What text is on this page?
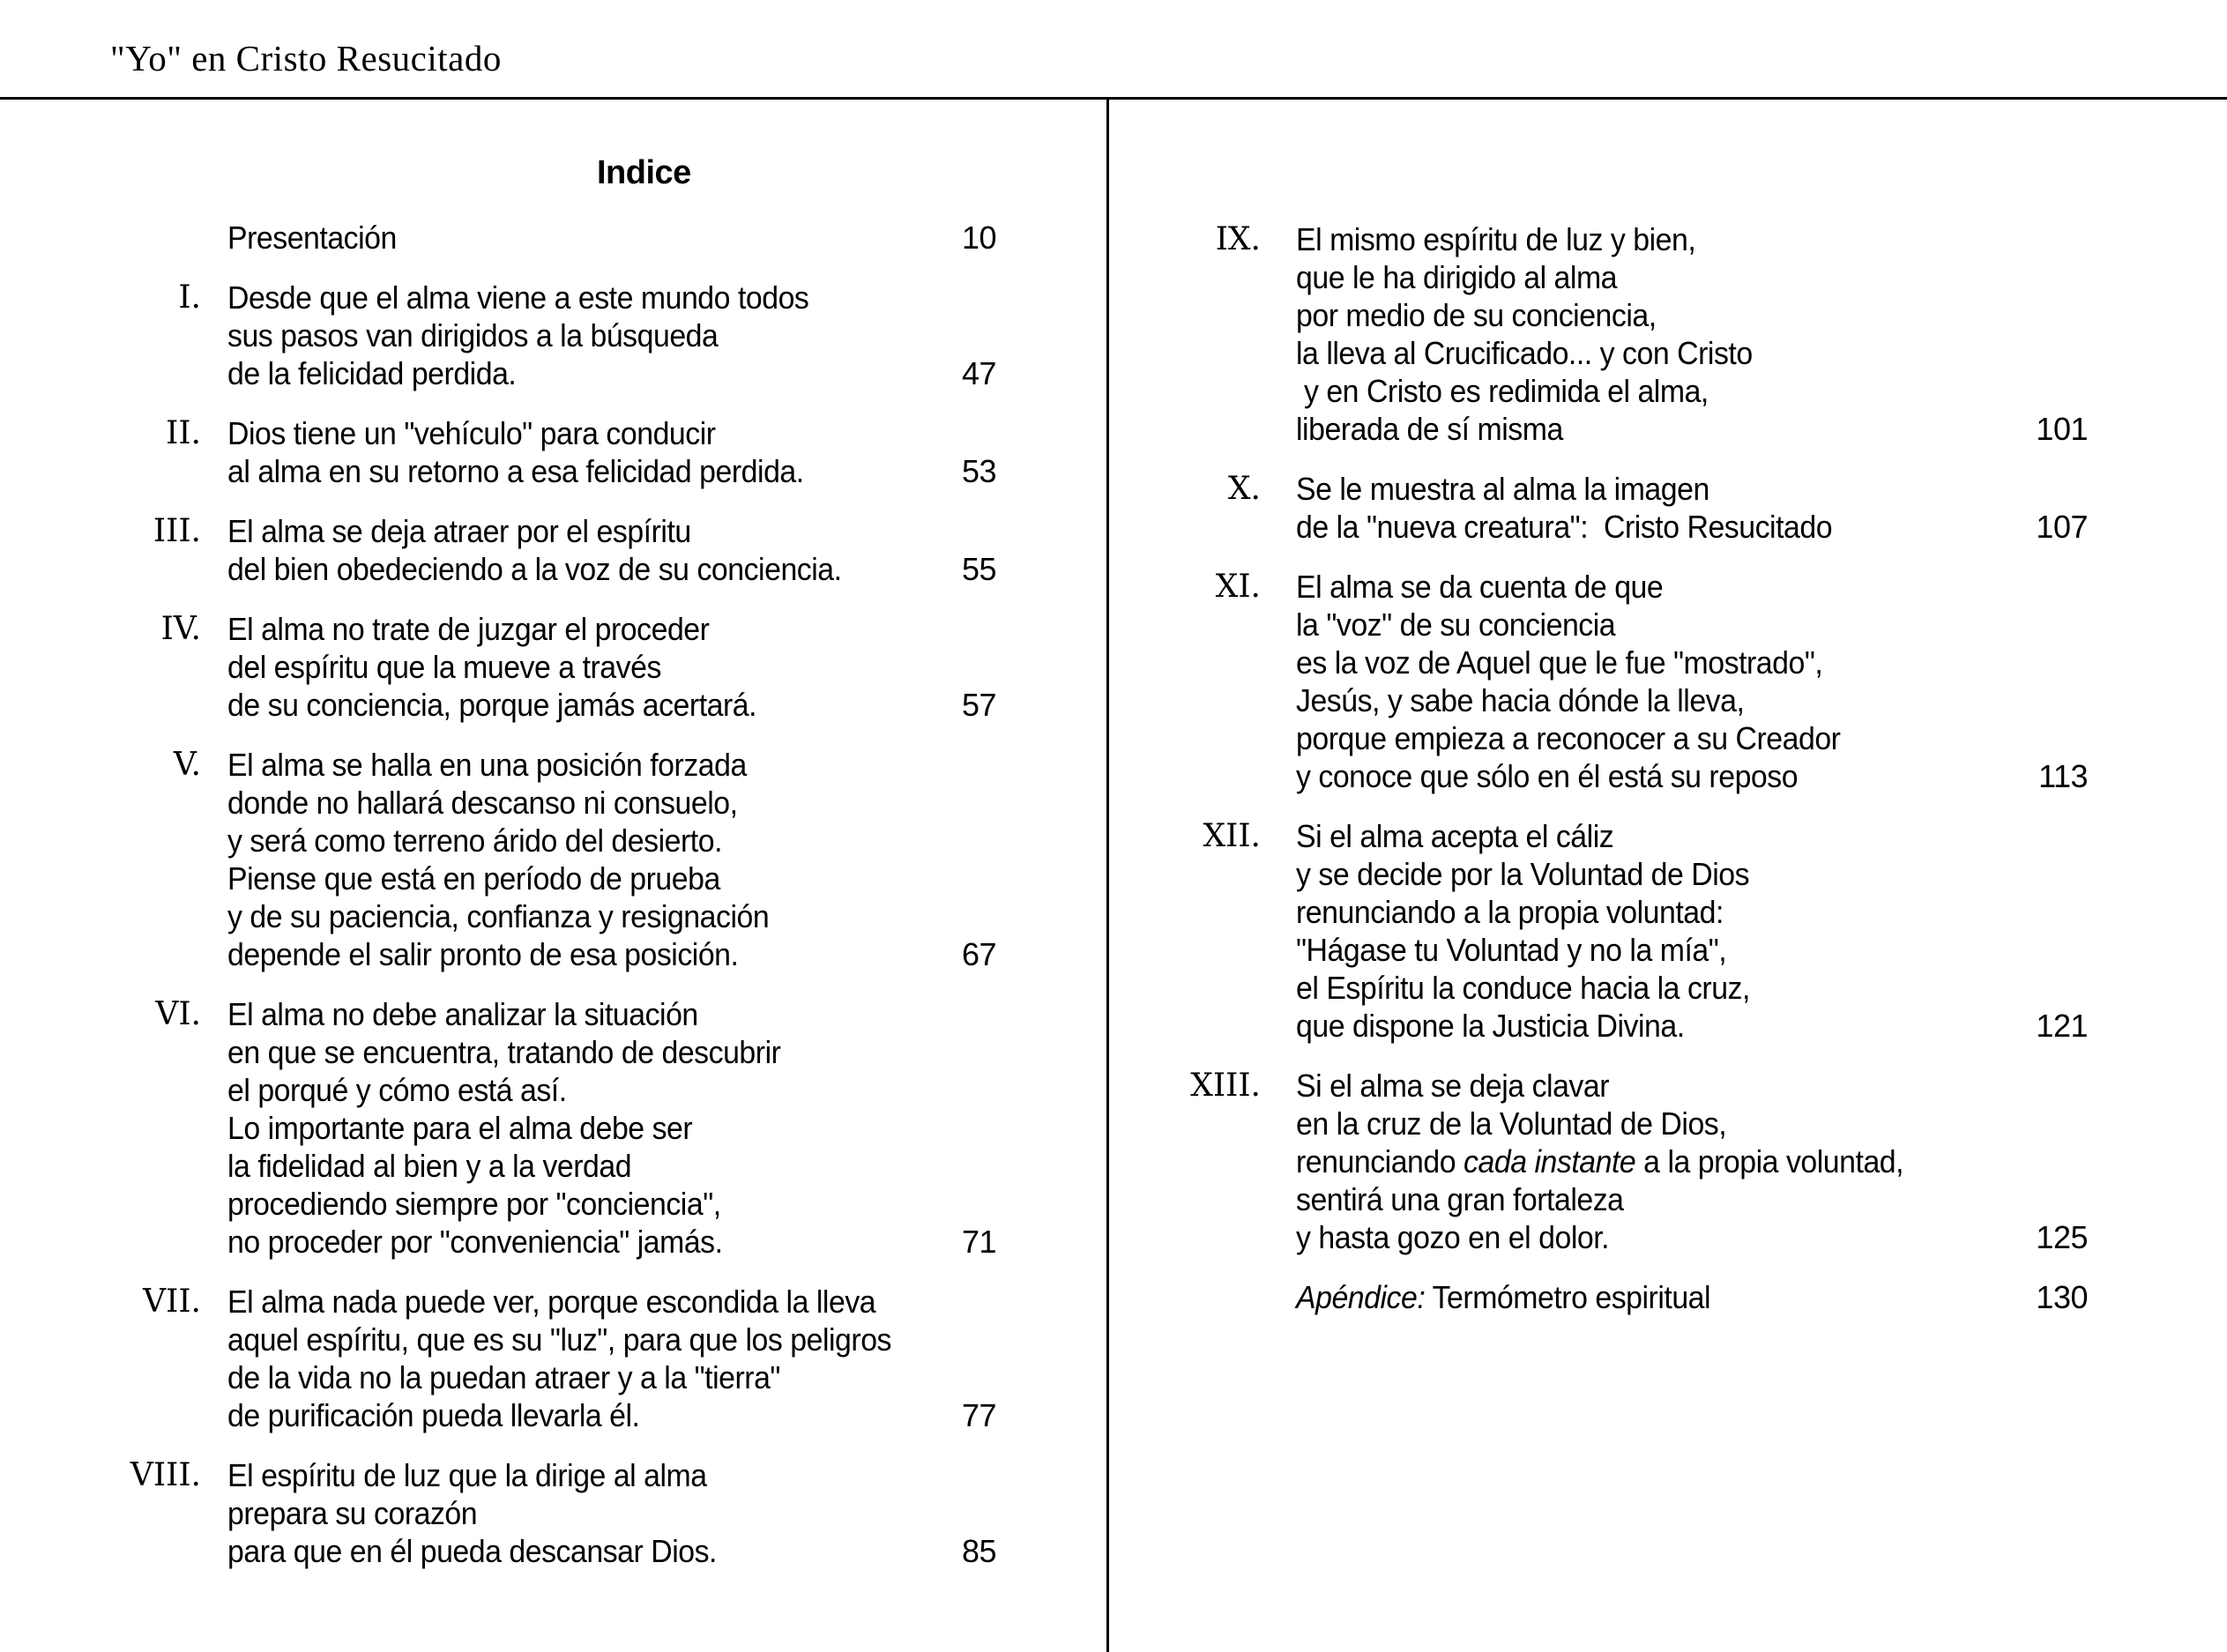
"Yo" en Cristo Resucitado
Indice
Presentación	10
I. Desde que el alma viene a este mundo todos
sus pasos van dirigidos a la búsqueda
de la felicidad perdida.	47
II. Dios tiene un "vehículo" para conducir
al alma en su retorno a esa felicidad perdida.	53
III. El alma se deja atraer por el espíritu
del bien obedeciendo a la voz de su conciencia.	55
IV. El alma no trate de juzgar el proceder
del espíritu que la mueve a través
de su conciencia, porque jamás acertará.	57
V. El alma se halla en una posición forzada
donde no hallará descanso ni consuelo,
y será como terreno árido del desierto.
Piense que está en período de prueba
y de su paciencia, confianza y resignación
depende el salir pronto de esa posición.	67
VI. El alma no debe analizar la situación
en que se encuentra, tratando de descubrir
el porqué y cómo está así.
Lo importante para el alma debe ser
la fidelidad al bien y a la verdad
procediendo siempre por "conciencia",
no proceder por "conveniencia" jamás.	71
VII. El alma nada puede ver, porque escondida la lleva
aquel espíritu, que es su "luz", para que los peligros
de la vida no la puedan atraer y a la "tierra"
de purificación pueda llevarla él.	77
VIII. El espíritu de luz que la dirige al alma
prepara su corazón
para que en él pueda descansar Dios.	85
IX. El mismo espíritu de luz y bien,
que le ha dirigido al alma
por medio de su conciencia,
la lleva al Crucificado... y con Cristo
y en Cristo es redimida el alma,
liberada de sí misma	101
X. Se le muestra al alma la imagen
de la "nueva creatura":  Cristo Resucitado	107
XI. El alma se da cuenta de que
la "voz" de su conciencia
es la voz de Aquel que le fue "mostrado",
Jesús, y sabe hacia dónde la lleva,
porque empieza a reconocer a su Creador
y conoce que sólo en él está su reposo	113
XII. Si el alma acepta el cáliz
y se decide por la Voluntad de Dios
renunciando a la propia voluntad:
"Hágase tu Voluntad y no la mía",
el Espíritu la conduce hacia la cruz,
que dispone la Justicia Divina.	121
XIII. Si el alma se deja clavar
en la cruz de la Voluntad de Dios,
renunciando cada instante a la propia voluntad,
sentirá una gran fortaleza
y hasta gozo en el dolor.	125
Apéndice: Termómetro espiritual	130
